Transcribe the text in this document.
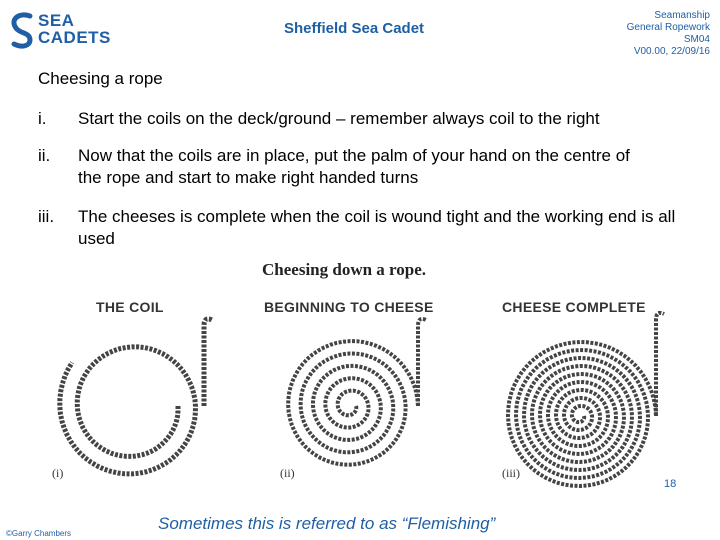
SEA
CADETS	Sheffield Sea Cadet
Seamanship
General Ropework
SM04
V00.00, 22/09/16
Cheesing a rope
i.	Start the coils on the deck/ground – remember always coil to the right
ii.	Now that the coils are in place, put the palm of your hand on the centre of the rope and start to make right handed turns
iii.	The cheeses is complete when the coil is wound tight and the working end is all used
Cheesing down a rope.
THE COIL	BEGINNING TO CHEESE	CHEESE COMPLETE
(i)	(ii)	(iii)
©Garry Chambers
Sometimes this is referred to as “Flemishing”
18
